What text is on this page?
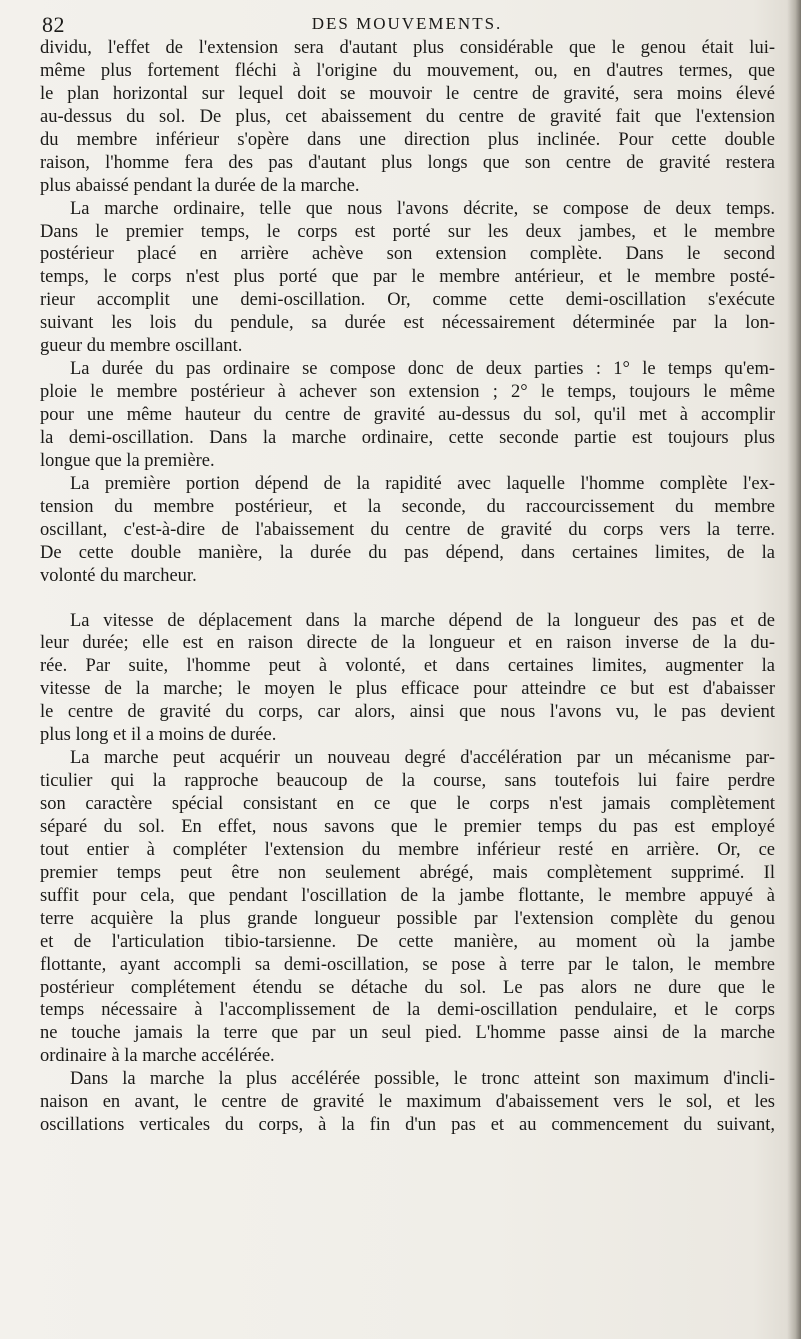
82	DES MOUVEMENTS.
dividu, l'effet de l'extension sera d'autant plus considérable que le genou était lui-
même plus fortement fléchi à l'origine du mouvement, ou, en d'autres termes, que
le plan horizontal sur lequel doit se mouvoir le centre de gravité, sera moins élevé
au-dessus du sol. De plus, cet abaissement du centre de gravité fait que l'extension
du membre inférieur s'opère dans une direction plus inclinée. Pour cette double
raison, l'homme fera des pas d'autant plus longs que son centre de gravité restera
plus abaissé pendant la durée de la marche.
La marche ordinaire, telle que nous l'avons décrite, se compose de deux temps.
Dans le premier temps, le corps est porté sur les deux jambes, et le membre
postérieur placé en arrière achève son extension complète. Dans le second
temps, le corps n'est plus porté que par le membre antérieur, et le membre posté-
rieur accomplit une demi-oscillation. Or, comme cette demi-oscillation s'exécute
suivant les lois du pendule, sa durée est nécessairement déterminée par la lon-
gueur du membre oscillant.
La durée du pas ordinaire se compose donc de deux parties : 1° le temps qu'em-
ploie le membre postérieur à achever son extension ; 2° le temps, toujours le même
pour une même hauteur du centre de gravité au-dessus du sol, qu'il met à accomplir
la demi-oscillation. Dans la marche ordinaire, cette seconde partie est toujours plus
longue que la première.
La première portion dépend de la rapidité avec laquelle l'homme complète l'ex-
tension du membre postérieur, et la seconde, du raccourcissement du membre
oscillant, c'est-à-dire de l'abaissement du centre de gravité du corps vers la terre.
De cette double manière, la durée du pas dépend, dans certaines limites, de la
volonté du marcheur.
La vitesse de déplacement dans la marche dépend de la longueur des pas et de
leur durée; elle est en raison directe de la longueur et en raison inverse de la du-
rée. Par suite, l'homme peut à volonté, et dans certaines limites, augmenter la
vitesse de la marche; le moyen le plus efficace pour atteindre ce but est d'abaisser
le centre de gravité du corps, car alors, ainsi que nous l'avons vu, le pas devient
plus long et il a moins de durée.
La marche peut acquérir un nouveau degré d'accélération par un mécanisme par-
ticulier qui la rapproche beaucoup de la course, sans toutefois lui faire perdre
son caractère spécial consistant en ce que le corps n'est jamais complètement
séparé du sol. En effet, nous savons que le premier temps du pas est employé
tout entier à compléter l'extension du membre inférieur resté en arrière. Or, ce
premier temps peut être non seulement abrégé, mais complètement supprimé. Il
suffit pour cela, que pendant l'oscillation de la jambe flottante, le membre appuyé à
terre acquière la plus grande longueur possible par l'extension complète du genou
et de l'articulation tibio-tarsienne. De cette manière, au moment où la jambe
flottante, ayant accompli sa demi-oscillation, se pose à terre par le talon, le membre
postérieur complétement étendu se détache du sol. Le pas alors ne dure que le
temps nécessaire à l'accomplissement de la demi-oscillation pendulaire, et le corps
ne touche jamais la terre que par un seul pied. L'homme passe ainsi de la marche
ordinaire à la marche accélérée.
Dans la marche la plus accélérée possible, le tronc atteint son maximum d'incli-
naison en avant, le centre de gravité le maximum d'abaissement vers le sol, et les
oscillations verticales du corps, à la fin d'un pas et au commencement du suivant,
